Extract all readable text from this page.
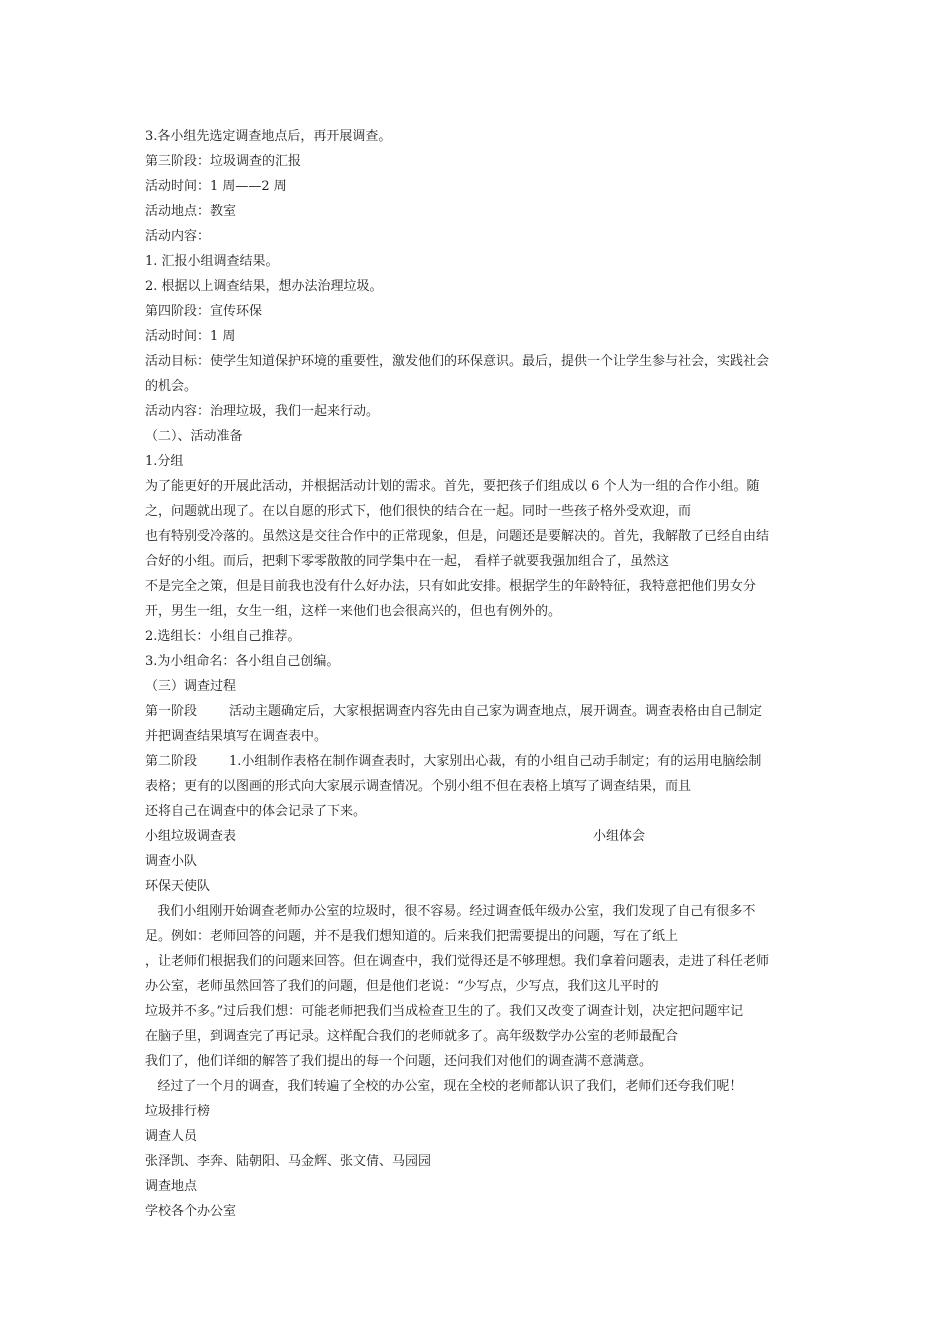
3.各小组先选定调查地点后，再开展调查。
第三阶段：垃圾调查的汇报
活动时间：1 周——2 周
活动地点：教室
活动内容：
1. 汇报小组调查结果。
2. 根据以上调查结果，想办法治理垃圾。
第四阶段：宣传环保
活动时间：1 周
活动目标：使学生知道保护环境的重要性，激发他们的环保意识。最后，提供一个让学生参与社会，实践社会
的机会。
活动内容：治理垃圾，我们一起来行动。
（二）、活动准备
1.分组
为了能更好的开展此活动，并根据活动计划的需求。首先，要把孩子们组成以 6 个人为一组的合作小组。随
之，问题就出现了。在以自愿的形式下，他们很快的结合在一起。同时一些孩子格外受欢迎，而
也有特别受冷落的。虽然这是交往合作中的正常现象，但是，问题还是要解决的。首先，我解散了已经自由结
合好的小组。而后，把剩下零零散散的同学集中在一起， 看样子就要我强加组合了，虽然这
不是完全之策，但是目前我也没有什么好办法，只有如此安排。根据学生的年龄特征，我特意把他们男女分
开，男生一组，女生一组，这样一来他们也会很高兴的，但也有例外的。
2.选组长：小组自己推荐。
3.为小组命名：各小组自己创编。
（三）调查过程
第一阶段 活动主题确定后，大家根据调查内容先由自己家为调查地点，展开调查。调查表格由自己制定
并把调查结果填写在调查表中。
第二阶段 1.小组制作表格在制作调查表时，大家别出心裁，有的小组自己动手制定；有的运用电脑绘制
表格；更有的以图画的形式向大家展示调查情况。个别小组不但在表格上填写了调查结果，而且
还将自己在调查中的体会记录了下来。
小组垃圾调查表	小组体会
调查小队
环保天使队
我们小组刚开始调查老师办公室的垃圾时，很不容易。经过调查低年级办公室，我们发现了自己有很多不
足。例如：老师回答的问题，并不是我们想知道的。后来我们把需要提出的问题，写在了纸上
，让老师们根据我们的问题来回答。但在调查中，我们觉得还是不够理想。我们拿着问题表，走进了科任老师
办公室，老师虽然回答了我们的问题，但是他们老说：“少写点，少写点，我们这儿平时的
垃圾并不多。”过后我们想：可能老师把我们当成检查卫生的了。我们又改变了调查计划，决定把问题牢记
在脑子里，到调查完了再记录。这样配合我们的老师就多了。高年级数学办公室的老师最配合
我们了，他们详细的解答了我们提出的每一个问题，还问我们对他们的调查满不意满意。
经过了一个月的调查，我们转遍了全校的办公室，现在全校的老师都认识了我们，老师们还夸我们呢！
垃圾排行榜
调查人员
张泽凯、李奔、陆朝阳、马金辉、张文倩、马园园
调查地点
学校各个办公室
